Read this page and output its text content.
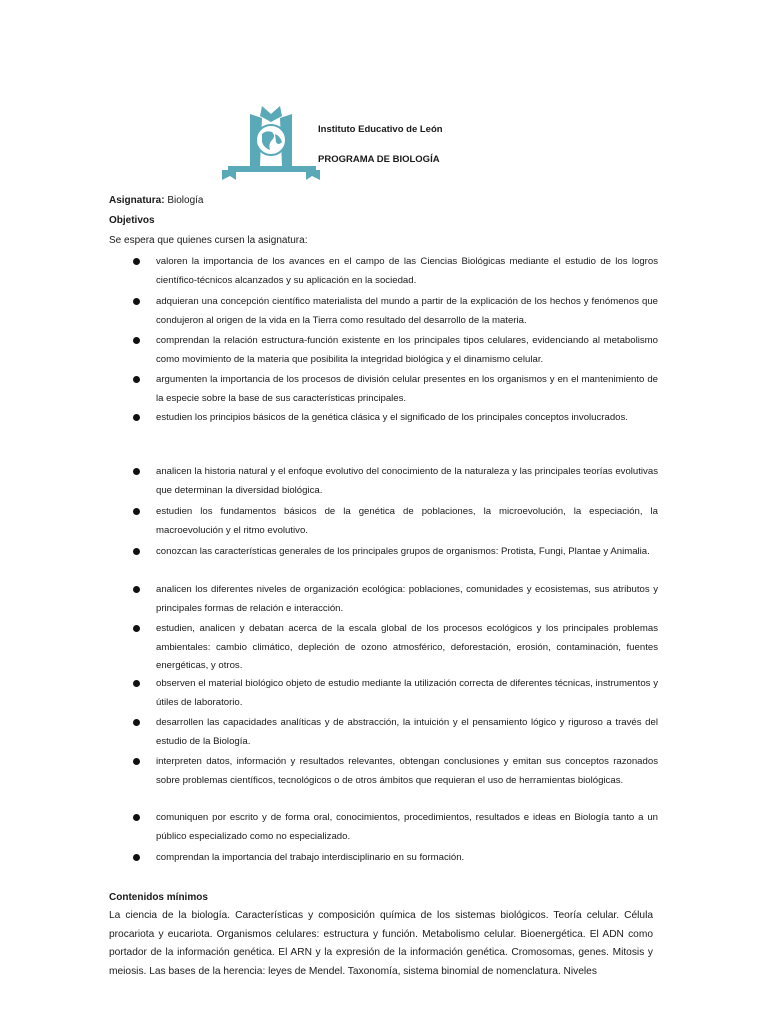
Instituto Educativo de León
PROGRAMA DE BIOLOGÍA
Asignatura: Biología
Objetivos
Se espera que quienes cursen la asignatura:
valoren la importancia de los avances en el campo de las Ciencias Biológicas mediante el estudio de los logros científico-técnicos alcanzados y su aplicación en la sociedad.
adquieran una concepción científico materialista del mundo a partir de la explicación de los hechos y fenómenos que condujeron al origen de la vida en la Tierra como resultado del desarrollo de la materia.
comprendan la relación estructura-función existente en los principales tipos celulares, evidenciando al metabolismo como movimiento de la materia que posibilita la integridad biológica y el dinamismo celular.
argumenten la importancia de los procesos de división celular presentes en los organismos y en el mantenimiento de la especie sobre la base de sus características principales.
estudien los principios básicos de la genética clásica y el significado de los principales conceptos involucrados.
analicen la historia natural y el enfoque evolutivo del conocimiento de la naturaleza y las principales teorías evolutivas que determinan la diversidad biológica.
estudien los fundamentos básicos de la genética de poblaciones, la microevolución, la especiación, la macroevolución y el ritmo evolutivo.
conozcan las características generales de los principales grupos de organismos: Protista, Fungi, Plantae y Animalia.
analicen los diferentes niveles de organización ecológica: poblaciones, comunidades y ecosistemas, sus atributos y principales formas de relación e interacción.
estudien, analicen y debatan acerca de la escala global de los procesos ecológicos y los principales problemas ambientales: cambio climático, depleción de ozono atmosférico, deforestación, erosión, contaminación, fuentes energéticas, y otros.
observen el material biológico objeto de estudio mediante la utilización correcta de diferentes técnicas, instrumentos y útiles de laboratorio.
desarrollen las capacidades analíticas y de abstracción, la intuición y el pensamiento lógico y riguroso a través del estudio de la Biología.
interpreten datos, información y resultados relevantes, obtengan conclusiones y emitan sus conceptos razonados sobre problemas científicos, tecnológicos o de otros ámbitos que requieran el uso de herramientas biológicas.
comuniquen por escrito y de forma oral, conocimientos, procedimientos, resultados e ideas en Biología tanto a un público especializado como no especializado.
comprendan la importancia del trabajo interdisciplinario en su formación.
Contenidos mínimos
La ciencia de la biología. Características y composición química de los sistemas biológicos. Teoría celular. Célula procariota y eucariota. Organismos celulares: estructura y función. Metabolismo celular. Bioenergética. El ADN como portador de la información genética. El ARN y la expresión de la información genética. Cromosomas, genes. Mitosis y meiosis. Las bases de la herencia: leyes de Mendel. Taxonomía, sistema binomial de nomenclatura. Niveles
